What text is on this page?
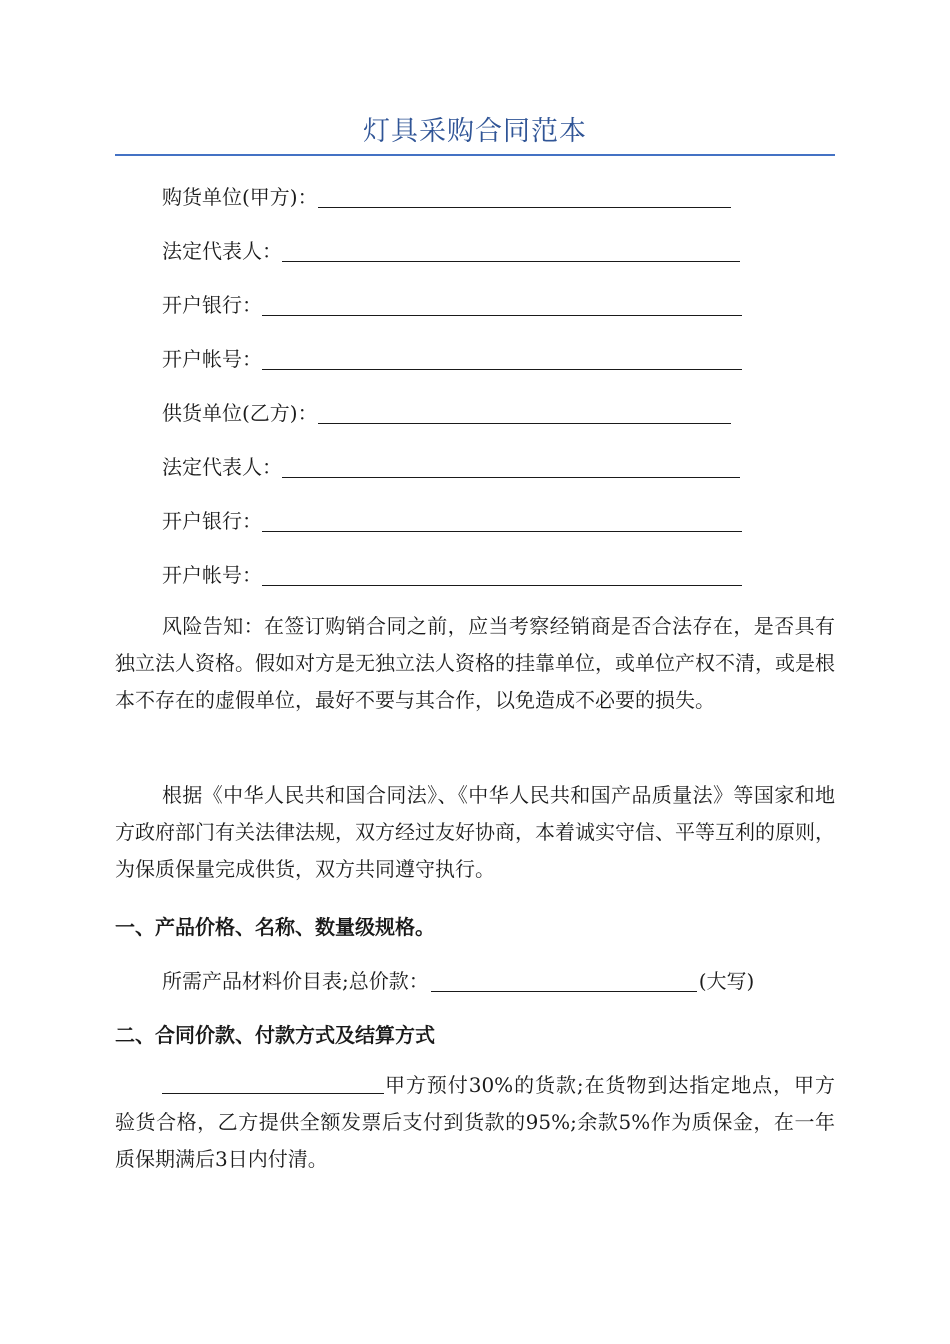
灯具采购合同范本
购货单位(甲方)：
法定代表人：
开户银行：
开户帐号：
供货单位(乙方)：
法定代表人：
开户银行：
开户帐号：

风险告知：在签订购销合同之前，应当考察经销商是否合法存在，是否具有独立法人资格。假如对方是无独立法人资格的挂靠单位，或单位产权不清，或是根本不存在的虚假单位，最好不要与其合作，以免造成不必要的损失。

根据《中华人民共和国合同法》、《中华人民共和国产品质量法》等国家和地方政府部门有关法律法规，双方经过友好协商，本着诚实守信、平等互利的原则，为保质保量完成供货，双方共同遵守执行。

一、产品价格、名称、数量级规格。

所需产品材料价目表;总价款：	(大写)

二、合同价款、付款方式及结算方式

甲方预付30%的货款;在货物到达指定地点，甲方验货合格，乙方提供全额发票后支付到货款的95%;余款5%作为质保金，在一年质保期满后3日内付清。
